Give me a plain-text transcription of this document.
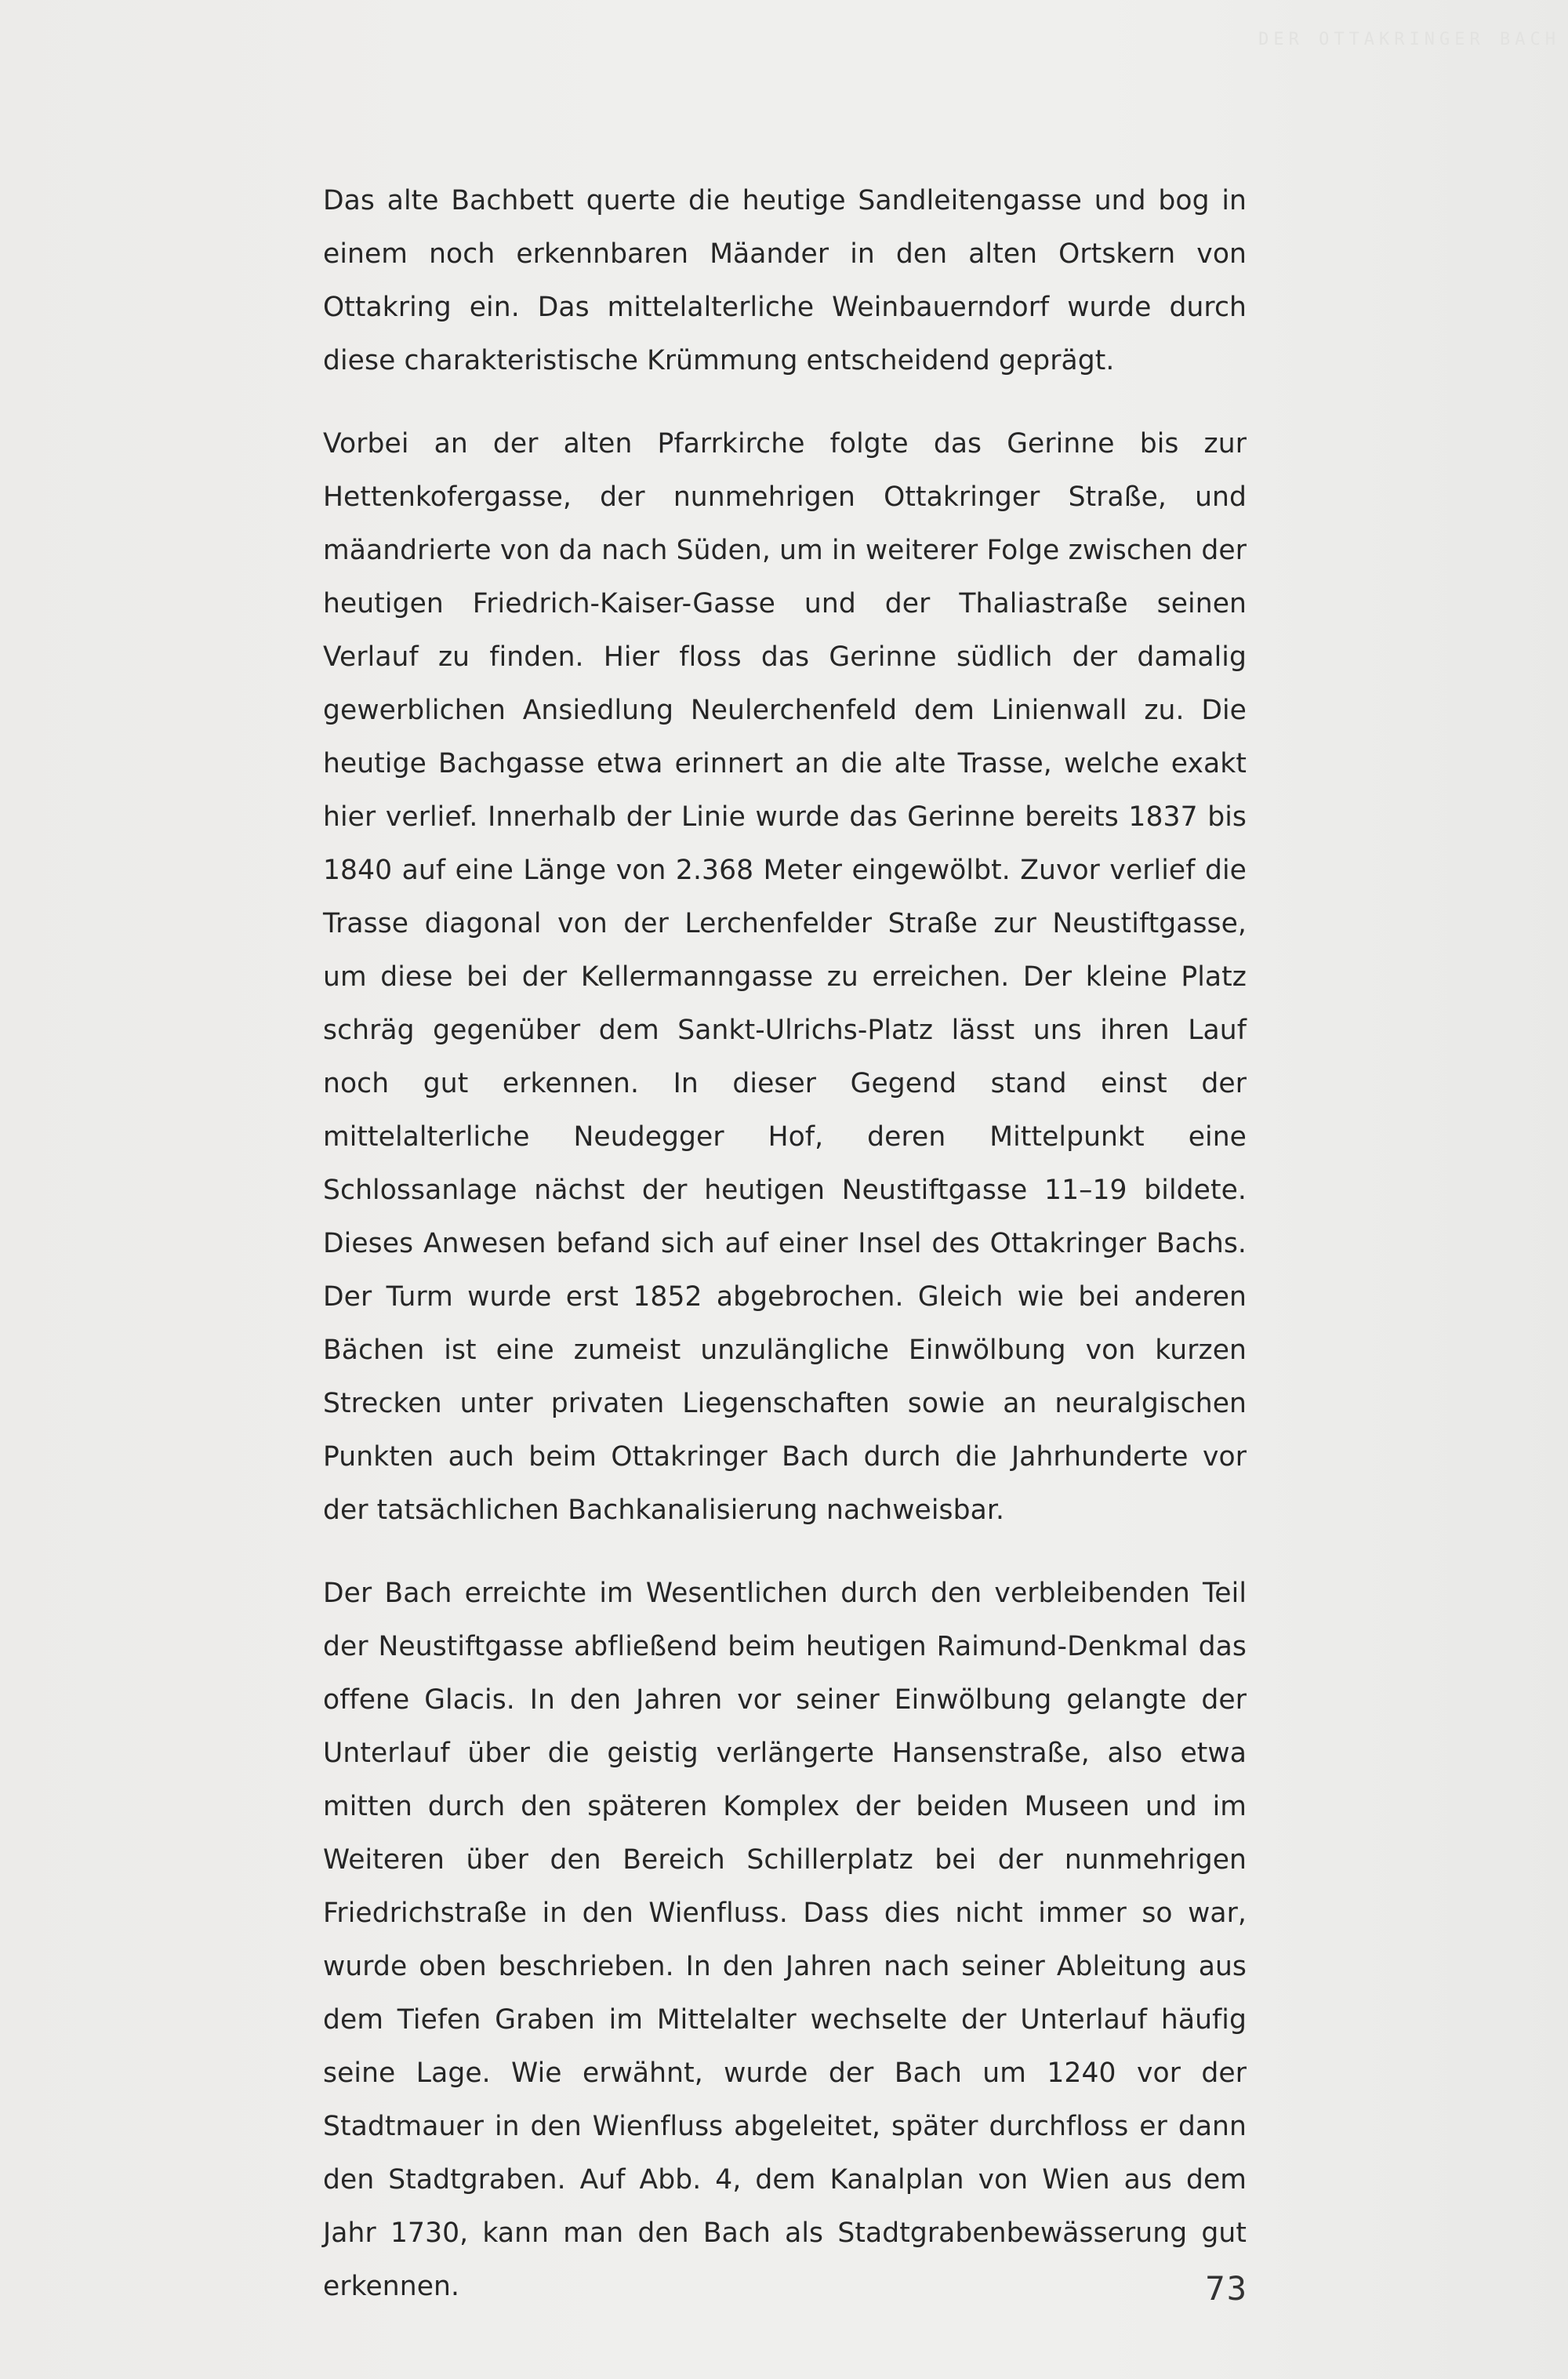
DER OTTAKRINGER BACH

Das alte Bachbett querte die heutige Sandleitengasse und bog in einem noch erkennbaren Mäander in den alten Ortskern von Ottakring ein. Das mittelalterliche Weinbauerndorf wurde durch diese charakteristische Krümmung entscheidend geprägt.

Vorbei an der alten Pfarrkirche folgte das Gerinne bis zur Hettenkofergasse, der nunmehrigen Ottakringer Straße, und mäandrierte von da nach Süden, um in weiterer Folge zwischen der heutigen Friedrich-Kaiser-Gasse und der Thaliastraße seinen Verlauf zu finden. Hier floss das Gerinne südlich der damalig gewerblichen Ansiedlung Neulerchenfeld dem Linienwall zu. Die heutige Bachgasse etwa erinnert an die alte Trasse, welche exakt hier verlief. Innerhalb der Linie wurde das Gerinne bereits 1837 bis 1840 auf eine Länge von 2.368 Meter eingewölbt. Zuvor verlief die Trasse diagonal von der Lerchenfelder Straße zur Neustiftgasse, um diese bei der Kellermanngasse zu erreichen. Der kleine Platz schräg gegenüber dem Sankt-Ulrichs-Platz lässt uns ihren Lauf noch gut erkennen. In dieser Gegend stand einst der mittelalterliche Neudegger Hof, deren Mittelpunkt eine Schlossanlage nächst der heutigen Neustiftgasse 11–19 bildete. Dieses Anwesen befand sich auf einer Insel des Ottakringer Bachs. Der Turm wurde erst 1852 abgebrochen. Gleich wie bei anderen Bächen ist eine zumeist unzulängliche Einwölbung von kurzen Strecken unter privaten Liegenschaften sowie an neuralgischen Punkten auch beim Ottakringer Bach durch die Jahrhunderte vor der tatsächlichen Bachkanalisierung nachweisbar.

Der Bach erreichte im Wesentlichen durch den verbleibenden Teil der Neustiftgasse abfließend beim heutigen Raimund-Denkmal das offene Glacis. In den Jahren vor seiner Einwölbung gelangte der Unterlauf über die geistig verlängerte Hansenstraße, also etwa mitten durch den späteren Komplex der beiden Museen und im Weiteren über den Bereich Schillerplatz bei der nunmehrigen Friedrichstraße in den Wienfluss. Dass dies nicht immer so war, wurde oben beschrieben. In den Jahren nach seiner Ableitung aus dem Tiefen Graben im Mittelalter wechselte der Unterlauf häufig seine Lage. Wie erwähnt, wurde der Bach um 1240 vor der Stadtmauer in den Wienfluss abgeleitet, später durchfloss er dann den Stadtgraben. Auf Abb. 4, dem Kanalplan von Wien aus dem Jahr 1730, kann man den Bach als Stadtgrabenbewässerung gut erkennen.	73
